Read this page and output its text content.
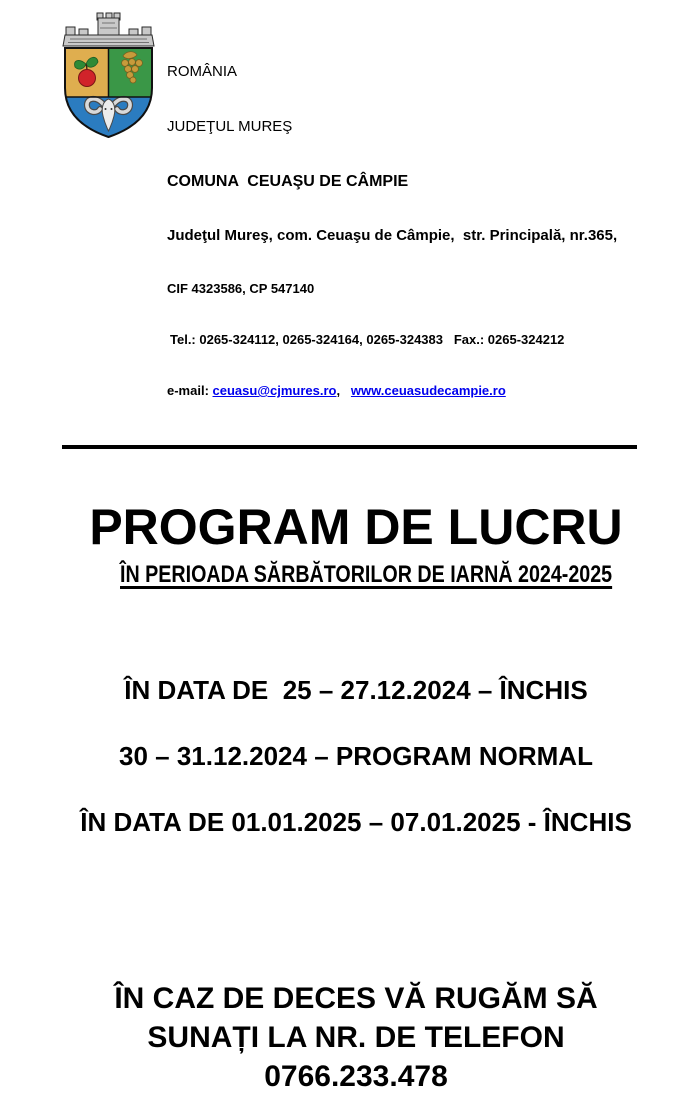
ROMÂNIA

JUDEŢUL MUREŞ

COMUNA  CEUAŞU DE CÂMPIE

Judeţul Mureş, com. Ceuaşu de Câmpie,  str. Principală, nr.365,

CIF 4323586, CP 547140

Tel.: 0265-324112, 0265-324164, 0265-324383   Fax.: 0265-324212

e-mail: ceuasu@cjmures.ro,   www.ceuasudecampie.ro

PROGRAM DE LUCRU
ÎN PERIOADA SĂRBĂTORILOR DE IARNĂ 2024-2025
ÎN DATA DE  25 – 27.12.2024 – ÎNCHIS
30 – 31.12.2024 – PROGRAM NORMAL
ÎN DATA DE 01.01.2025 – 07.01.2025 - ÎNCHIS
ÎN CAZ DE DECES VĂ RUGĂM SĂ
SUNAȚI LA NR. DE TELEFON
0766.233.478
